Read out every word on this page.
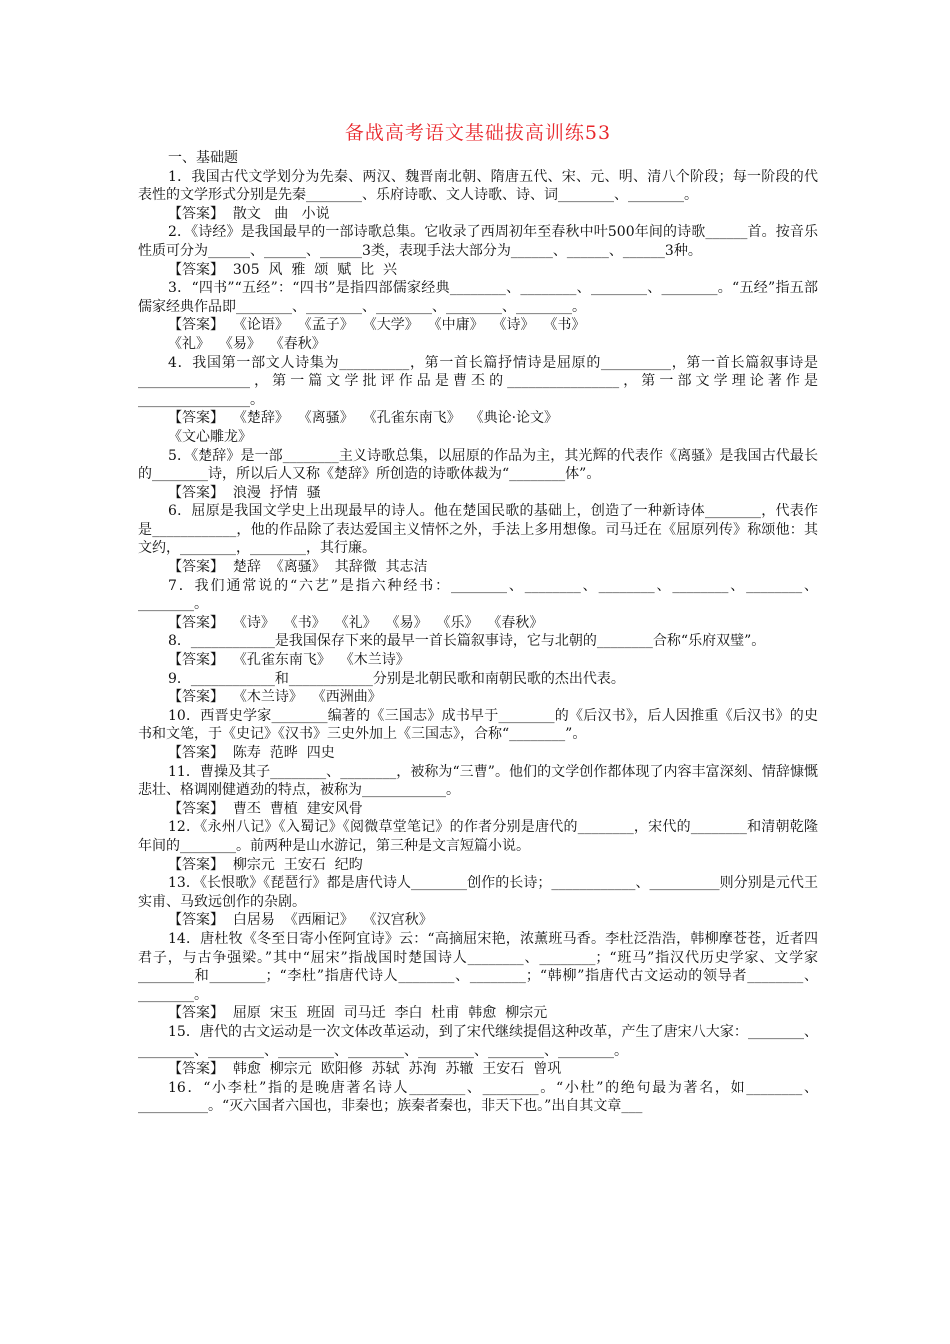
备战高考语文基础拔高训练53
一、基础题

1．我国古代文学划分为先秦、两汉、魏晋南北朝、隋唐五代、宋、元、明、清八个阶段；每一阶段的代表性的文学形式分别是先秦________、乐府诗歌、文人诗歌、诗、词________、________。

【答案】  散文   曲   小说

2．《诗经》是我国最早的一部诗歌总集。它收录了西周初年至春秋中叶500年间的诗歌______首。按音乐性质可分为______、______、______3类，表现手法大部分为______、______、______3种。

【答案】  305  风  雅  颂  赋  比  兴

3．“四书”“五经”：“四书”是指四部儒家经典________、________、________、________。“五经”指五部儒家经典作品即________、________、________、________、________。

【答案】  《论语》  《孟子》  《大学》  《中庸》  《诗》  《书》

《礼》  《易》  《春秋》

4．我国第一部文人诗集为__________，第一首长篇抒情诗是屈原的__________，第一首长篇叙事诗是________________，第一篇文学批评作品是曹丕的________________，第一部文学理论著作是________________。

【答案】  《楚辞》  《离骚》  《孔雀东南飞》  《典论·论文》

《文心雕龙》

5．《楚辞》是一部________主义诗歌总集，以屈原的作品为主，其光辉的代表作《离骚》是我国古代最长的________诗，所以后人又称《楚辞》所创造的诗歌体裁为“________体”。

【答案】  浪漫  抒情  骚

6．屈原是我国文学史上出现最早的诗人。他在楚国民歌的基础上，创造了一种新诗体________，代表作是____________，他的作品除了表达爱国主义情怀之外，手法上多用想像。司马迁在《屈原列传》称颂他：其文约，________，________，其行廉。

【答案】  楚辞  《离骚》  其辞微  其志洁

7．我们通常说的“六艺”是指六种经书：________、________、________、________、________、________。

【答案】  《诗》  《书》  《礼》  《易》  《乐》  《春秋》

8．____________是我国保存下来的最早一首长篇叙事诗，它与北朝的________合称“乐府双璧”。

【答案】  《孔雀东南飞》  《木兰诗》

9．____________和____________分别是北朝民歌和南朝民歌的杰出代表。

【答案】  《木兰诗》  《西洲曲》

10．西晋史学家________编著的《三国志》成书早于________的《后汉书》，后人因推重《后汉书》的史书和文笔，于《史记》《汉书》三史外加上《三国志》，合称“________”。

【答案】  陈寿  范晔  四史

11．曹操及其子________、________，被称为“三曹”。他们的文学创作都体现了内容丰富深刻、情辞慷慨悲壮、格调刚健遒劲的特点，被称为____________。

【答案】  曹丕  曹植  建安风骨

12．《永州八记》《入蜀记》《阅微草堂笔记》的作者分别是唐代的________，宋代的________和清朝乾隆年间的________。前两种是山水游记，第三种是文言短篇小说。

【答案】  柳宗元  王安石  纪昀

13．《长恨歌》《琵琶行》都是唐代诗人________创作的长诗；____________、__________则分别是元代王实甫、马致远创作的杂剧。

【答案】  白居易  《西厢记》  《汉宫秋》

14．唐杜牧《冬至日寄小侄阿宜诗》云：“高摘屈宋艳，浓薰班马香。李杜泛浩浩，韩柳摩苍苍，近者四君子，与古争强梁。”其中“屈宋”指战国时楚国诗人________、________；“班马”指汉代历史学家、文学家________和________；“李杜”指唐代诗人________、________；“韩柳”指唐代古文运动的领导者________、________。

【答案】  屈原  宋玉  班固  司马迁  李白  杜甫  韩愈  柳宗元

15．唐代的古文运动是一次文体改革运动，到了宋代继续提倡这种改革，产生了唐宋八大家：________、________、________、________、________、________、________、________。

【答案】  韩愈  柳宗元  欧阳修  苏轼  苏洵  苏辙  王安石  曾巩

16．“小李杜”指的是晚唐著名诗人________、________。“小杜”的绝句最为著名，如________、__________。“灭六国者六国也，非秦也；族秦者秦也，非天下也。”出自其文章___
